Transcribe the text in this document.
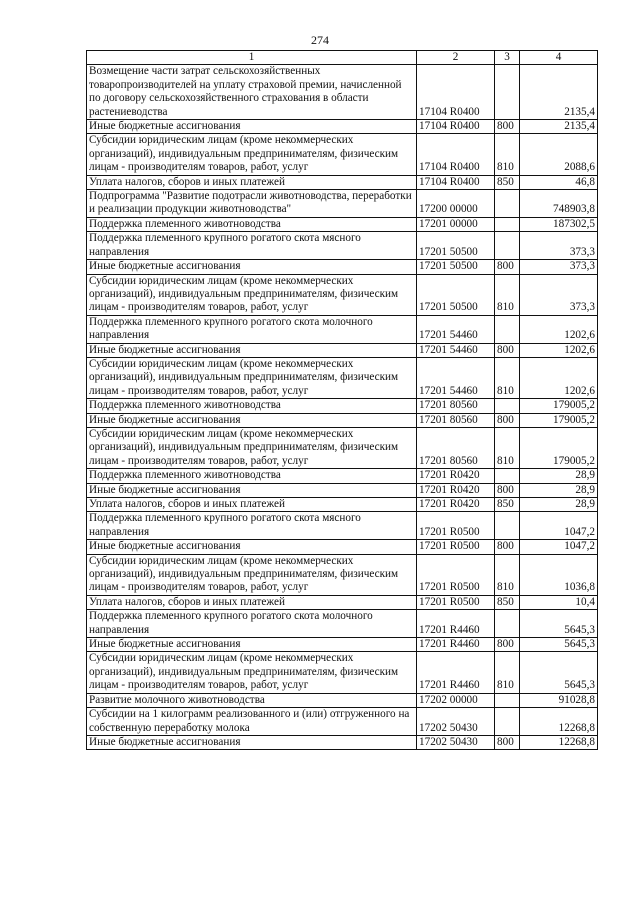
274
1	2	3	4
Возмещение части затрат сельскохозяйственных товаропроизводителей на уплату страховой премии, начисленной по договору сельскохозяйственного страхования в области растениеводства	17104 R0400		2135,4
Иные бюджетные ассигнования	17104 R0400	800	2135,4
Субсидии юридическим лицам (кроме некоммерческих организаций), индивидуальным предпринимателям, физическим лицам - производителям товаров, работ, услуг	17104 R0400	810	2088,6
Уплата налогов, сборов и иных платежей	17104 R0400	850	46,8
Подпрограмма "Развитие подотрасли животноводства, переработки и реализации продукции животноводства"	17200 00000		748903,8
Поддержка племенного животноводства	17201 00000		187302,5
Поддержка племенного крупного рогатого скота мясного направления	17201 50500		373,3
Иные бюджетные ассигнования	17201 50500	800	373,3
Субсидии юридическим лицам (кроме некоммерческих организаций), индивидуальным предпринимателям, физическим лицам - производителям товаров, работ, услуг	17201 50500	810	373,3
Поддержка племенного крупного рогатого скота молочного направления	17201 54460		1202,6
Иные бюджетные ассигнования	17201 54460	800	1202,6
Субсидии юридическим лицам (кроме некоммерческих организаций), индивидуальным предпринимателям, физическим лицам - производителям товаров, работ, услуг	17201 54460	810	1202,6
Поддержка племенного животноводства	17201 80560		179005,2
Иные бюджетные ассигнования	17201 80560	800	179005,2
Субсидии юридическим лицам (кроме некоммерческих организаций), индивидуальным предпринимателям, физическим лицам - производителям товаров, работ, услуг	17201 80560	810	179005,2
Поддержка племенного животноводства	17201 R0420		28,9
Иные бюджетные ассигнования	17201 R0420	800	28,9
Уплата налогов, сборов и иных платежей	17201 R0420	850	28,9
Поддержка племенного крупного рогатого скота мясного направления	17201 R0500		1047,2
Иные бюджетные ассигнования	17201 R0500	800	1047,2
Субсидии юридическим лицам (кроме некоммерческих организаций), индивидуальным предпринимателям, физическим лицам - производителям товаров, работ, услуг	17201 R0500	810	1036,8
Уплата налогов, сборов и иных платежей	17201 R0500	850	10,4
Поддержка племенного крупного рогатого скота молочного направления	17201 R4460		5645,3
Иные бюджетные ассигнования	17201 R4460	800	5645,3
Субсидии юридическим лицам (кроме некоммерческих организаций), индивидуальным предпринимателям, физическим лицам - производителям товаров, работ, услуг	17201 R4460	810	5645,3
Развитие молочного животноводства	17202 00000		91028,8
Субсидии на 1 килограмм реализованного и (или) отгруженного на собственную переработку молока	17202 50430		12268,8
Иные бюджетные ассигнования	17202 50430	800	12268,8
